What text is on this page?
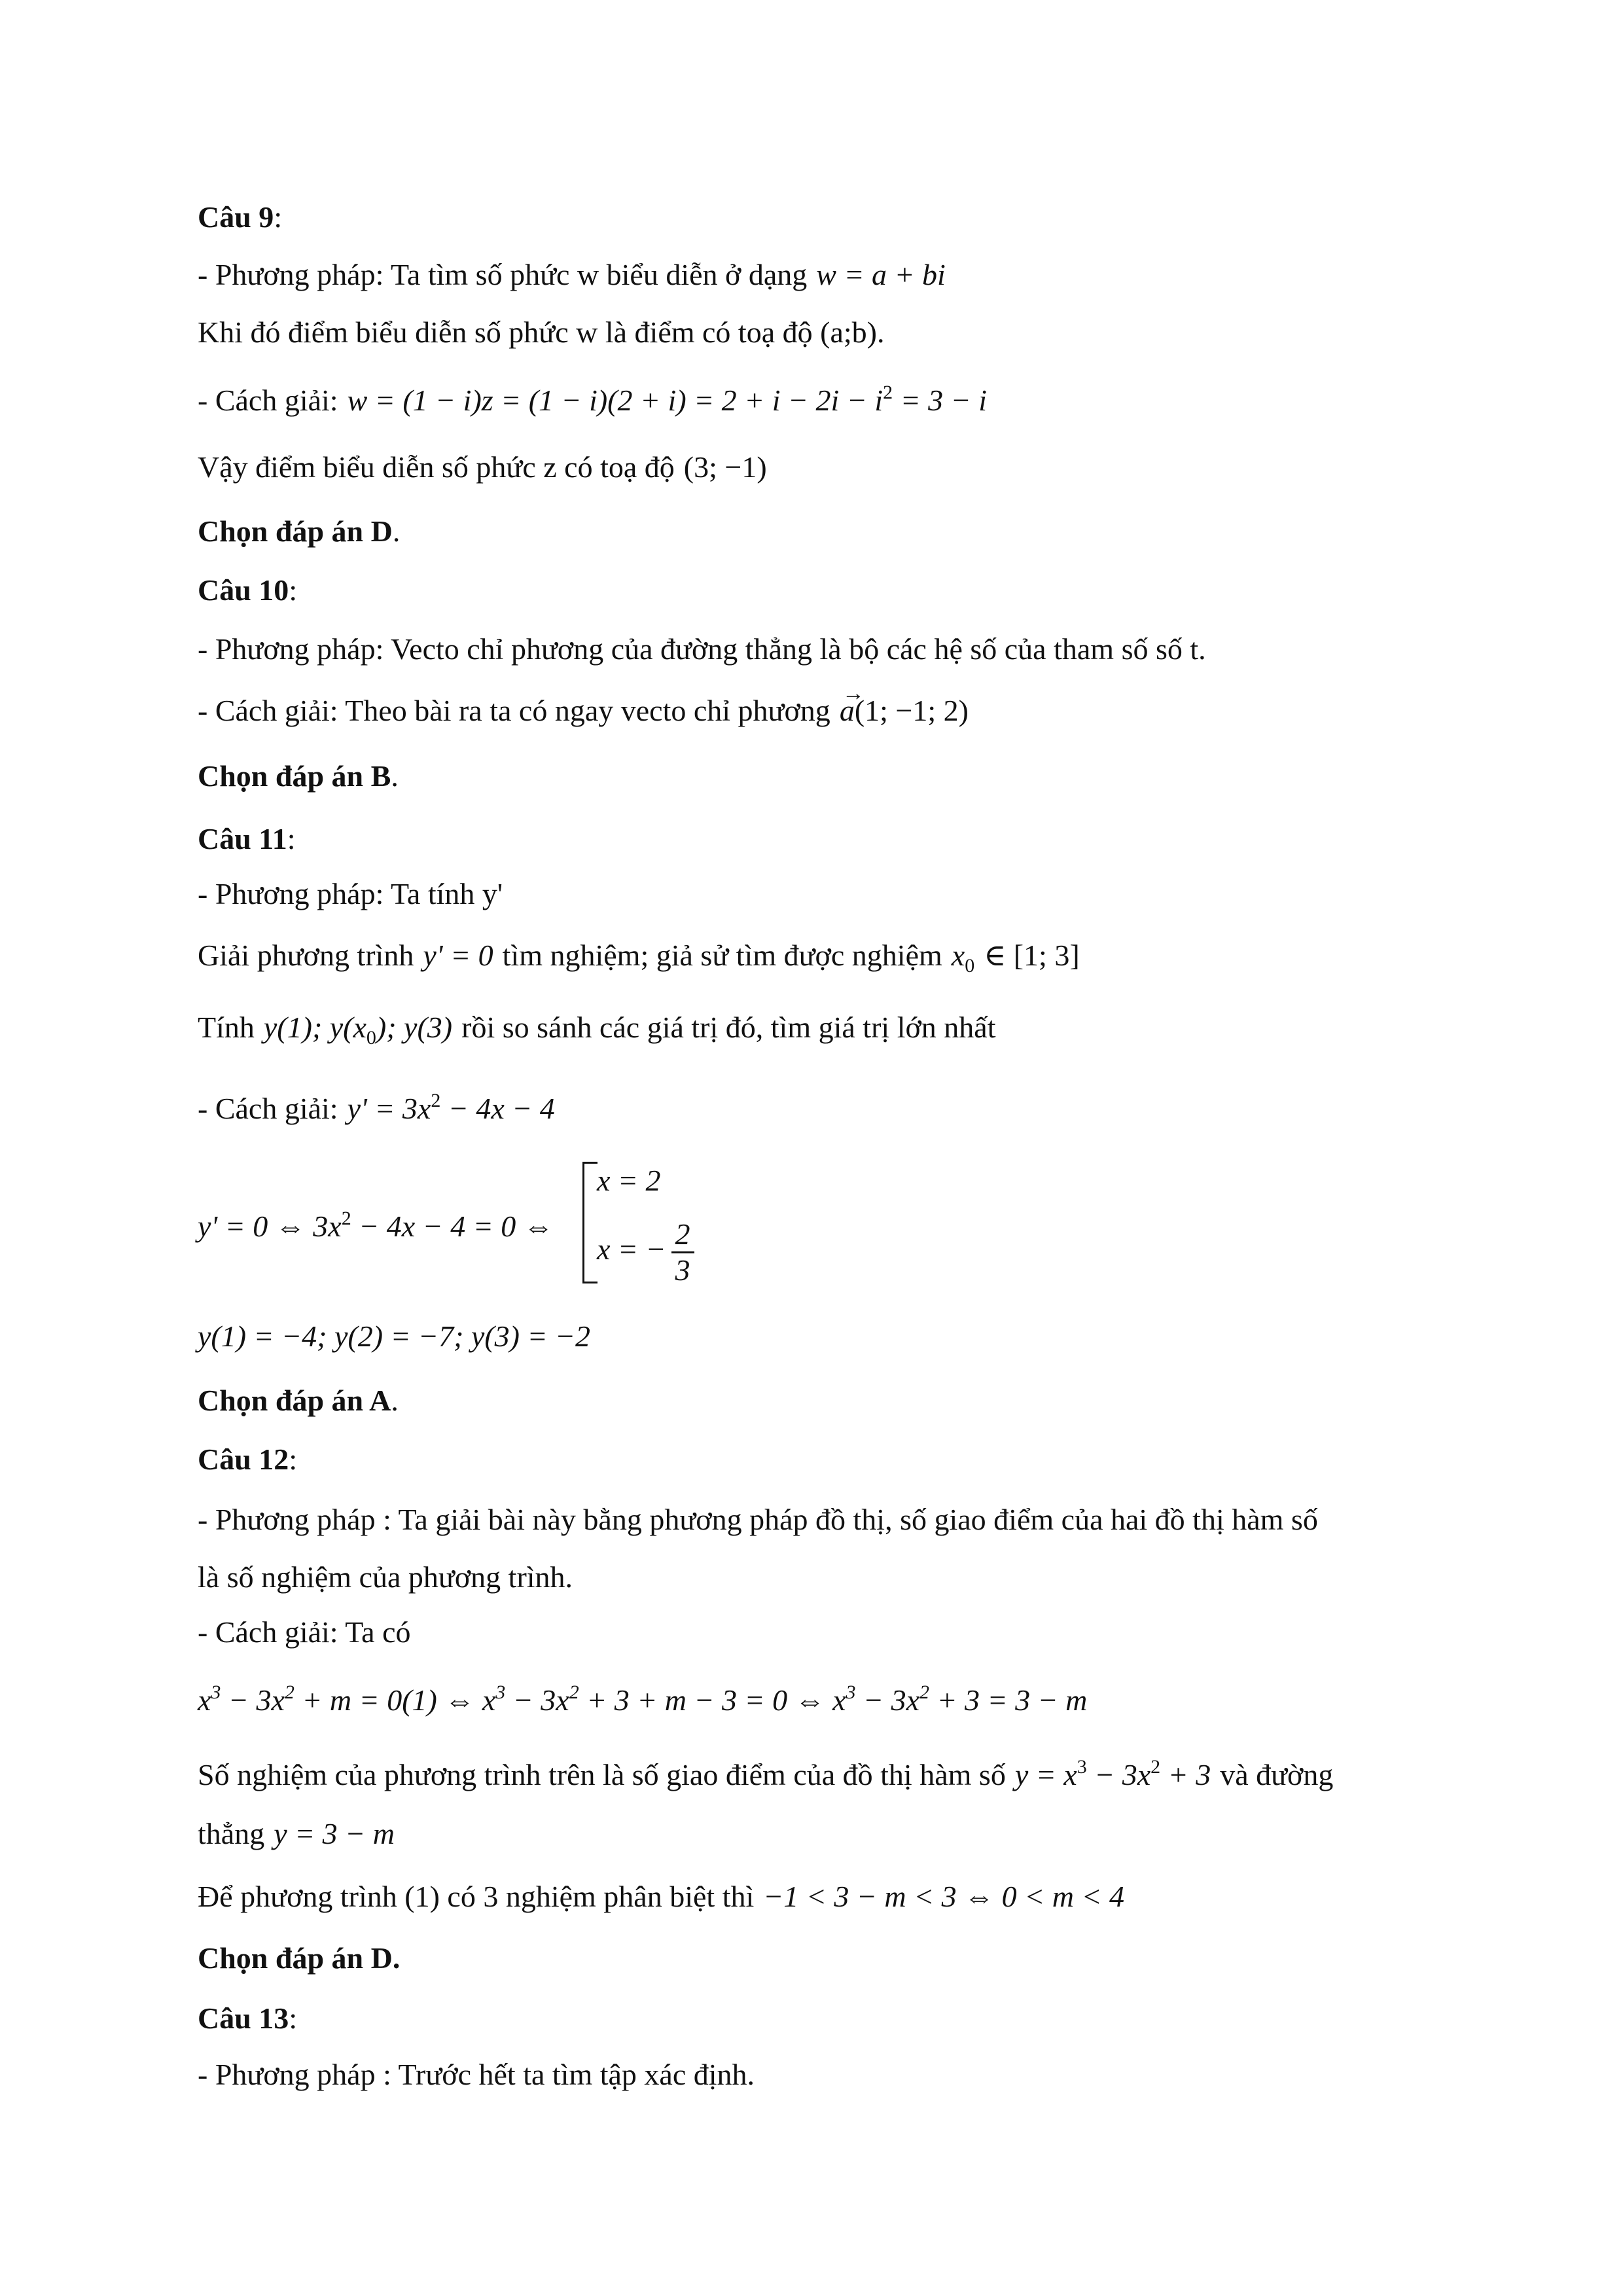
Câu 9:
- Phương pháp: Ta tìm số phức w biểu diễn ở dạng w = a + bi
Khi đó điểm biểu diễn số phức w là điểm có toạ độ (a;b).
- Cách giải: $w = (1 - i)z = (1 - i)(2 + i) = 2 + i - 2i - i^2 = 3 - i$
Vậy điểm biểu diễn số phức z có toạ độ (3; −1)
Chọn đáp án D.
Câu 10:
- Phương pháp: Vecto chỉ phương của đường thẳng là bộ các hệ số của tham số số t.
- Cách giải: Theo bài ra ta có ngay vecto chỉ phương
→
a(1; −1; 2)
Chọn đáp án B.
Câu 11:
- Phương pháp: Ta tính y'
Giải phương trình y' = 0 tìm nghiệm; giả sử tìm được nghiệm $x_0$ ∈ [1; 3]
Tính y(1); $y(x_0)$; y(3) rồi so sánh các giá trị đó, tìm giá trị lớn nhất
- Cách giải: $y' = 3x^2 - 4x - 4$
y' = 0 ⇔ $3x^2 - 4x - 4 = 0$ ⇔
x = 2
x = − $\frac{2}{3}$
y(1) = −4; y(2) = −7; y(3) = −2
Chọn đáp án A.
Câu 12:
- Phương pháp : Ta giải bài này bằng phương pháp đồ thị, số giao điểm của hai đồ thị hàm số
là số nghiệm của phương trình.
- Cách giải: Ta có
$x^3 - 3x^2 + m = 0(1)$ ⇔ $x^3 - 3x^2 + 3 + m - 3 = 0$ ⇔ $x^3 - 3x^2 + 3 = 3 - m$
Số nghiệm của phương trình trên là số giao điểm của đồ thị hàm số $y = x^3 - 3x^2 + 3$ và đường
thẳng y = 3 − m
Để phương trình (1) có 3 nghiệm phân biệt thì −1 < 3 − m < 3 ⇔ 0 < m < 4
Chọn đáp án D.
Câu 13:
- Phương pháp : Trước hết ta tìm tập xác định.
